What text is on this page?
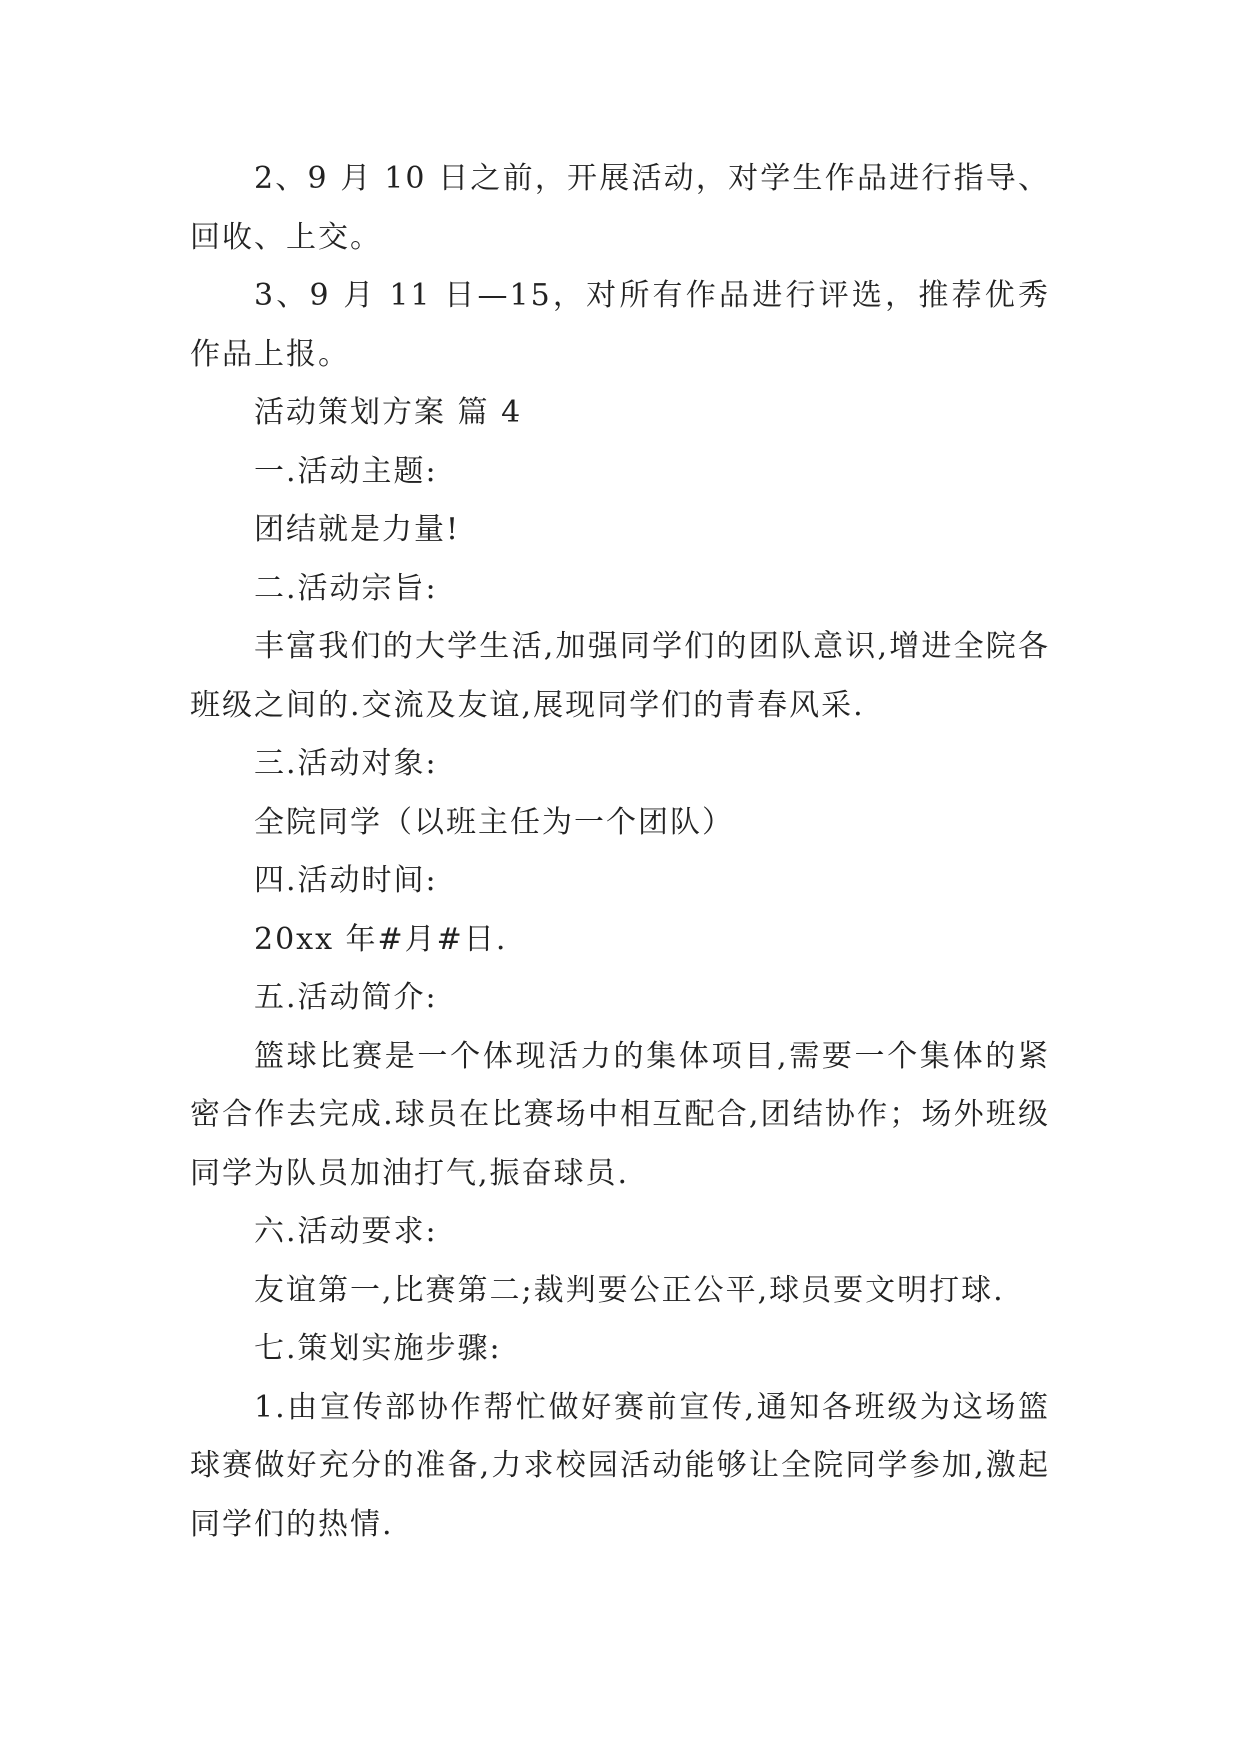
2、9 月 10 日之前，开展活动，对学生作品进行指导、回收、上交。

3、9 月 11 日—15，对所有作品进行评选，推荐优秀作品上报。

活动策划方案 篇 4

一.活动主题:

团结就是力量!

二.活动宗旨:

丰富我们的大学生活,加强同学们的团队意识,增进全院各班级之间的.交流及友谊,展现同学们的青春风采.

三.活动对象:

全院同学（以班主任为一个团队）

四.活动时间:

20xx 年#月#日.

五.活动简介:

篮球比赛是一个体现活力的集体项目,需要一个集体的紧密合作去完成.球员在比赛场中相互配合,团结协作；场外班级同学为队员加油打气,振奋球员.

六.活动要求:

友谊第一,比赛第二;裁判要公正公平,球员要文明打球.

七.策划实施步骤:

1.由宣传部协作帮忙做好赛前宣传,通知各班级为这场篮球赛做好充分的准备,力求校园活动能够让全院同学参加,激起同学们的热情.
